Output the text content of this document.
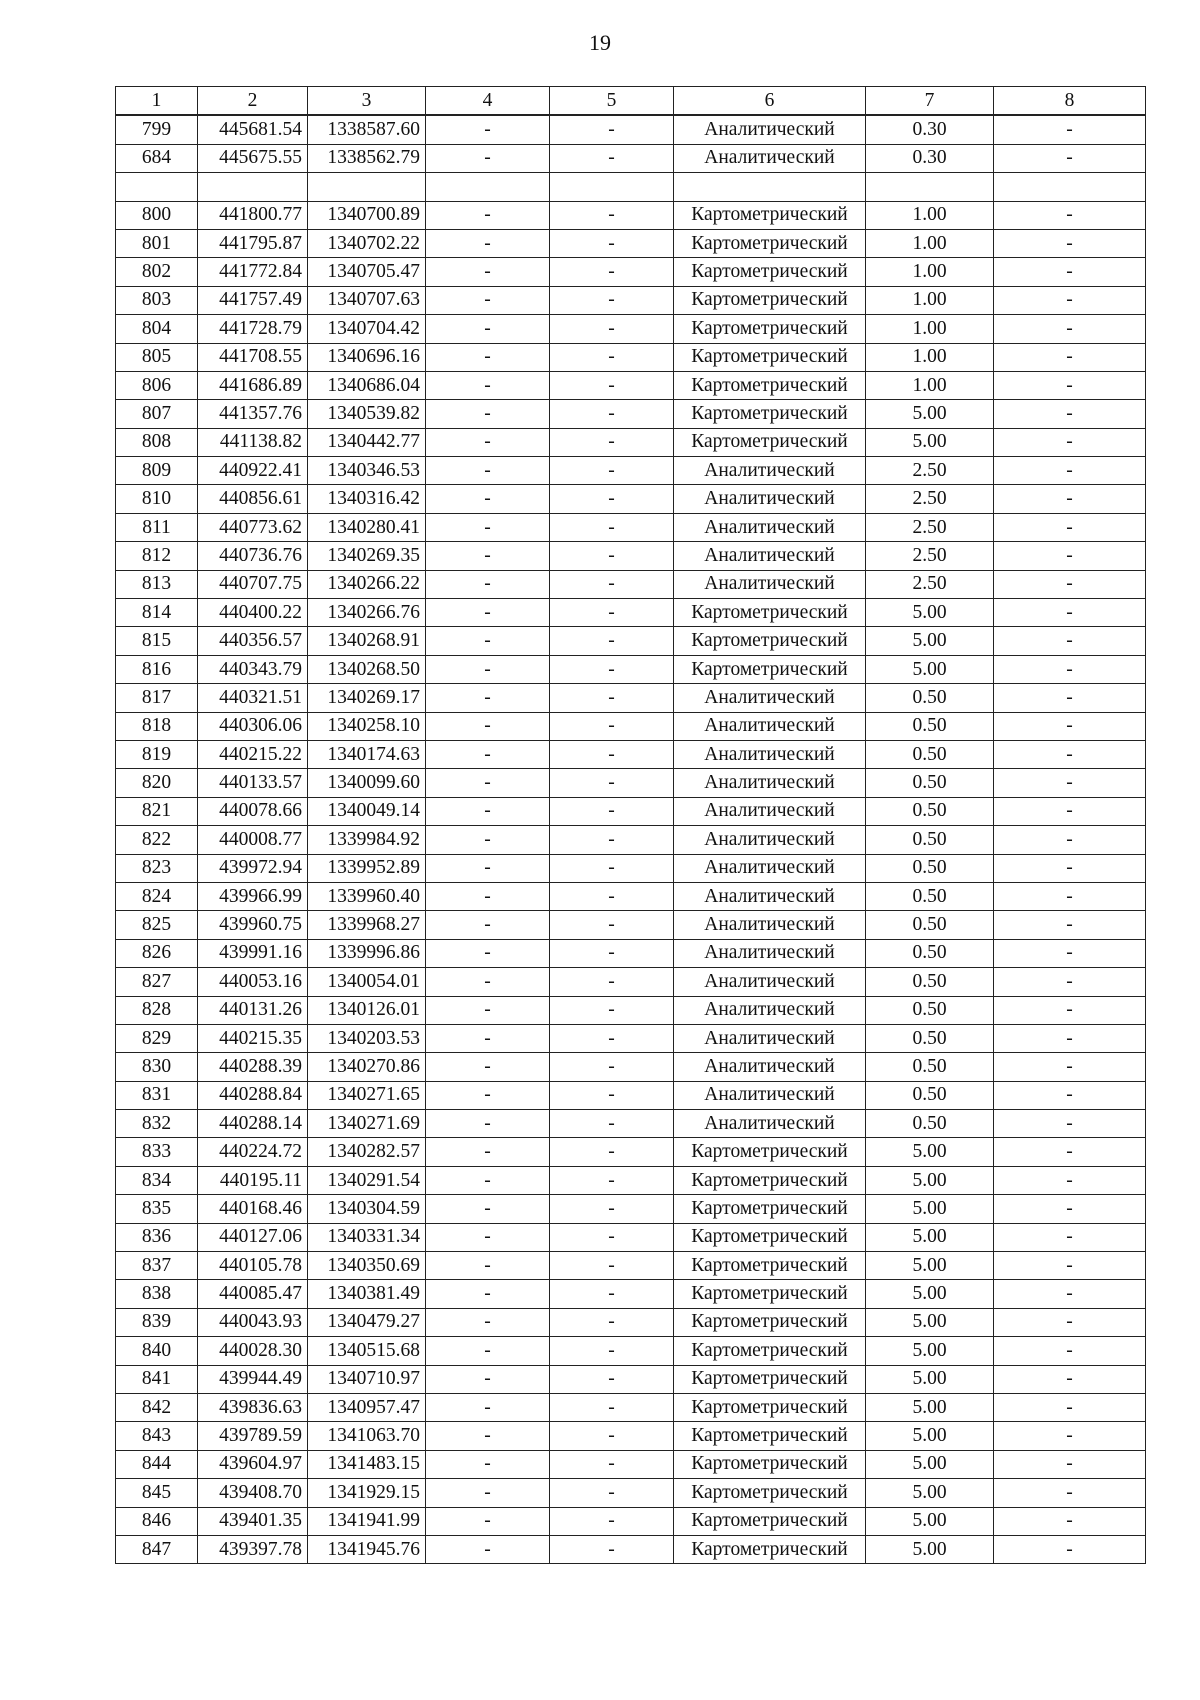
19
1	2	3	4	5	6	7	8
799	445681.54	1338587.60	-	-	Аналитический	0.30	-
684	445675.55	1338562.79	-	-	Аналитический	0.30	-

800	441800.77	1340700.89	-	-	Картометрический	1.00	-
801	441795.87	1340702.22	-	-	Картометрический	1.00	-
802	441772.84	1340705.47	-	-	Картометрический	1.00	-
803	441757.49	1340707.63	-	-	Картометрический	1.00	-
804	441728.79	1340704.42	-	-	Картометрический	1.00	-
805	441708.55	1340696.16	-	-	Картометрический	1.00	-
806	441686.89	1340686.04	-	-	Картометрический	1.00	-
807	441357.76	1340539.82	-	-	Картометрический	5.00	-
808	441138.82	1340442.77	-	-	Картометрический	5.00	-
809	440922.41	1340346.53	-	-	Аналитический	2.50	-
810	440856.61	1340316.42	-	-	Аналитический	2.50	-
811	440773.62	1340280.41	-	-	Аналитический	2.50	-
812	440736.76	1340269.35	-	-	Аналитический	2.50	-
813	440707.75	1340266.22	-	-	Аналитический	2.50	-
814	440400.22	1340266.76	-	-	Картометрический	5.00	-
815	440356.57	1340268.91	-	-	Картометрический	5.00	-
816	440343.79	1340268.50	-	-	Картометрический	5.00	-
817	440321.51	1340269.17	-	-	Аналитический	0.50	-
818	440306.06	1340258.10	-	-	Аналитический	0.50	-
819	440215.22	1340174.63	-	-	Аналитический	0.50	-
820	440133.57	1340099.60	-	-	Аналитический	0.50	-
821	440078.66	1340049.14	-	-	Аналитический	0.50	-
822	440008.77	1339984.92	-	-	Аналитический	0.50	-
823	439972.94	1339952.89	-	-	Аналитический	0.50	-
824	439966.99	1339960.40	-	-	Аналитический	0.50	-
825	439960.75	1339968.27	-	-	Аналитический	0.50	-
826	439991.16	1339996.86	-	-	Аналитический	0.50	-
827	440053.16	1340054.01	-	-	Аналитический	0.50	-
828	440131.26	1340126.01	-	-	Аналитический	0.50	-
829	440215.35	1340203.53	-	-	Аналитический	0.50	-
830	440288.39	1340270.86	-	-	Аналитический	0.50	-
831	440288.84	1340271.65	-	-	Аналитический	0.50	-
832	440288.14	1340271.69	-	-	Аналитический	0.50	-
833	440224.72	1340282.57	-	-	Картометрический	5.00	-
834	440195.11	1340291.54	-	-	Картометрический	5.00	-
835	440168.46	1340304.59	-	-	Картометрический	5.00	-
836	440127.06	1340331.34	-	-	Картометрический	5.00	-
837	440105.78	1340350.69	-	-	Картометрический	5.00	-
838	440085.47	1340381.49	-	-	Картометрический	5.00	-
839	440043.93	1340479.27	-	-	Картометрический	5.00	-
840	440028.30	1340515.68	-	-	Картометрический	5.00	-
841	439944.49	1340710.97	-	-	Картометрический	5.00	-
842	439836.63	1340957.47	-	-	Картометрический	5.00	-
843	439789.59	1341063.70	-	-	Картометрический	5.00	-
844	439604.97	1341483.15	-	-	Картометрический	5.00	-
845	439408.70	1341929.15	-	-	Картометрический	5.00	-
846	439401.35	1341941.99	-	-	Картометрический	5.00	-
847	439397.78	1341945.76	-	-	Картометрический	5.00	-
